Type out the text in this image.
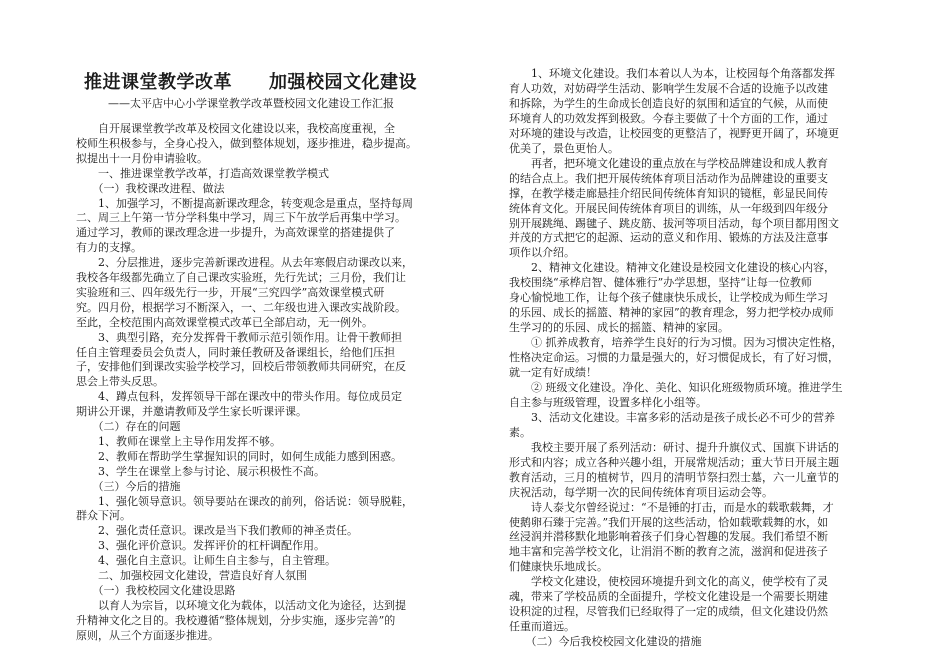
推进课堂教学改革　　加强校园文化建设
——太平店中心小学课堂教学改革暨校园文化建设工作汇报
　　自开展课堂教学改革及校园文化建设以来，我校高度重视，全
校师生积极参与，全身心投入，做到整体规划，逐步推进，稳步提高。
拟提出十一月份申请验收。
　　一、推进课堂教学改革，打造高效课堂教学模式
　　（一）我校课改进程、做法
　　1、加强学习，不断提高新课改理念，转变观念是重点，坚持每周
二、周三上午第一节分学科集中学习，周三下午放学后再集中学习。
通过学习，教师的课改理念进一步提升，为高效课堂的搭建提供了
有力的支撑。
　　2、分层推进，逐步完善新课改进程。从去年寒假启动课改以来，
我校各年级都先确立了自己课改实验班，先行先试；三月份，我们让
实验班和三、四年级先行一步，开展“三究四学”高效课堂模式研
究。四月份，根据学习不断深入，一、二年级也进入课改实战阶段。
至此，全校范围内高效课堂模式改革已全部启动，无一例外。
　　3、典型引路，充分发挥骨干教师示范引领作用。让骨干教师担
任自主管理委员会负责人，同时兼任教研及备课组长，给他们压担
子，安排他们到课改实验学校学习，回校后带领教师共同研究，在反
思会上带头反思。
　　4、蹲点包科，发挥领导干部在课改中的带头作用。每位成员定
期讲公开课，并邀请教师及学生家长听课评课。
　　（二）存在的问题
　　1、教师在课堂上主导作用发挥不够。
　　2、教师在帮助学生掌握知识的同时，如何生成能力感到困惑。
　　3、学生在课堂上参与讨论、展示积极性不高。
　　（三）今后的措施
　　1、强化领导意识。领导要站在课改的前列，俗话说：领导脱鞋，
群众下河。
　　2、强化责任意识。课改是当下我们教师的神圣责任。
　　3、强化评价意识。发挥评价的杠杆调配作用。
　　4、强化自主意识。让师生自主参与，自主管理。
　　二、加强校园文化建设，营造良好育人氛围
　　（一）我校校园文化建设思路
　　以育人为宗旨，以环境文化为载体，以活动文化为途径，达到提
升精神文化之目的。我校遵循“整体规划，分步实施，逐步完善”的
原则，从三个方面逐步推进。
　　1、环境文化建设。我们本着以人为本，让校园每个角落都发挥
育人功效，对妨碍学生活动、影响学生发展不合适的设施予以改建
和拆除，为学生的生命成长创造良好的氛围和适宜的气候，从而使
环境育人的功效发挥到极致。今春主要做了十个方面的工作，通过
对环境的建设与改造，让校园变的更整洁了，视野更开阔了，环境更
优美了，景色更怡人。
　　再者，把环境文化建设的重点放在与学校品牌建设和成人教育
的结合点上。我们把开展传统体育项目活动作为品牌建设的重要支
撑，在教学楼走廊悬挂介绍民间传统体育知识的镜框，彰显民间传
统体育文化。开展民间传统体育项目的训练，从一年级到四年级分
别开展跳绳、踢毽子、跳皮筋、拔河等项目活动，每个项目都用图文
并茂的方式把它的起源、运动的意义和作用、锻炼的方法及注意事
项作以介绍。
　　2、精神文化建设。精神文化建设是校园文化建设的核心内容，
我校围绕“承桦启智、健体雅行”办学思想，坚持“让每一位教师
身心愉悦地工作，让每个孩子健康快乐成长，让学校成为师生学习
的乐园、成长的摇篮、精神的家园”的教育理念，努力把学校办成师
生学习的的乐园、成长的摇篮、精神的家园。
　　① 抓养成教育，培养学生良好的行为习惯。因为习惯决定性格，
性格决定命运。习惯的力量是强大的，好习惯促成长，有了好习惯，
就一定有好成绩！
　　② 班级文化建设。净化、美化、知识化班级物质环境。推进学生
自主参与班级管理，设置多样化小组等。
　　3、活动文化建设。丰富多彩的活动是孩子成长必不可少的营养
素。
　　我校主要开展了系列活动：研讨、提升升旗仪式、国旗下讲话的
形式和内容；成立各种兴趣小组，开展常规活动；重大节日开展主题
教育活动，三月的植树节，四月的清明节祭扫烈士墓，六一儿童节的
庆祝活动，每学期一次的民间传统体育项目运动会等。
　　诗人泰戈尔曾经说过：“不是锤的打击，而是水的载歌载舞，才
使鹅卵石臻于完善。”我们开展的这些活动，恰如载歌载舞的水，如
丝浸润并潜移默化地影响着孩子们身心智趣的发展。我们希望不断
地丰富和完善学校文化，让涓涓不断的教育之流，滋润和促进孩子
们健康快乐地成长。
　　学校文化建设，使校园环境提升到文化的高义，使学校有了灵
魂，带来了学校品质的全面提升，学校文化建设是一个需要长期建
设积淀的过程，尽管我们已经取得了一定的成绩，但文化建设仍然
任重而道远。
　　（二）今后我校校园文化建设的措施
